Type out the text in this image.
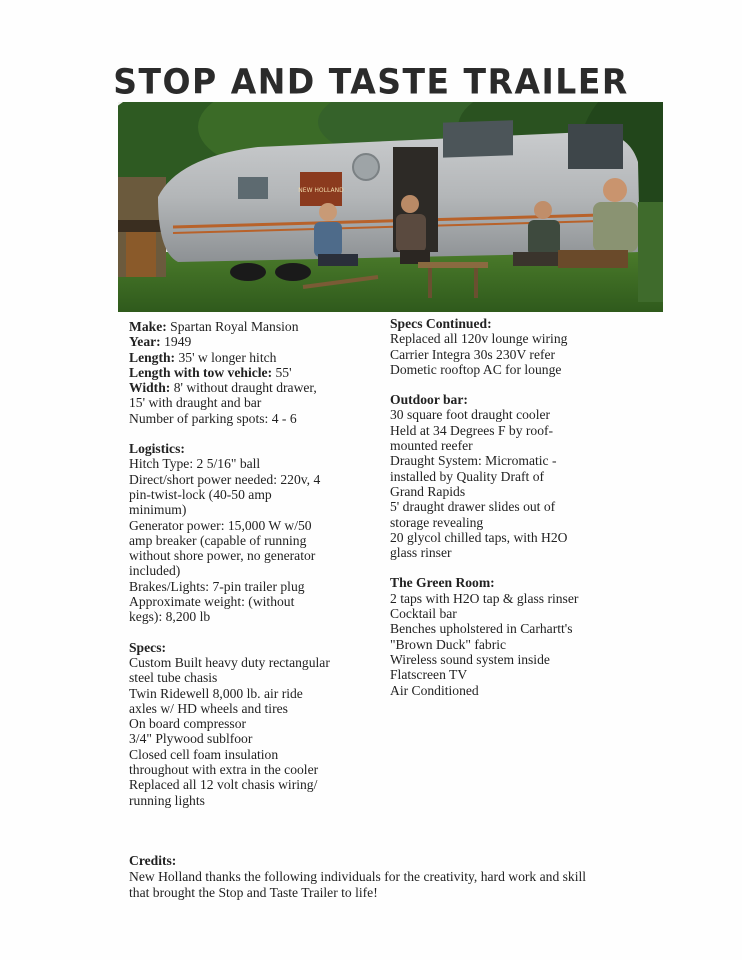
STOP AND TASTE TRAILER
NEW HOLLAND
Make: Spartan Royal Mansion
Year: 1949
Length: 35' w longer hitch
Length with tow vehicle: 55'
Width: 8' without draught drawer,
15' with draught and bar
Number of parking spots: 4 - 6
Logistics:
Hitch Type: 2 5/16" ball
Direct/short power needed: 220v, 4
pin-twist-lock (40-50 amp
minimum)
Generator power: 15,000 W w/50
amp breaker (capable of running
without shore power, no generator
included)
Brakes/Lights: 7-pin trailer plug
Approximate weight: (without
kegs): 8,200 lb
Specs:
Custom Built heavy duty rectangular
steel tube chasis
Twin Ridewell 8,000 lb. air ride
axles w/ HD wheels and tires
On board compressor
3/4" Plywood sublfoor
Closed cell foam insulation
throughout with extra in the cooler
Replaced all 12 volt chasis wiring/
running lights
Specs Continued:
Replaced all 120v lounge wiring
Carrier Integra 30s 230V refer
Dometic rooftop AC for lounge
Outdoor bar:
30 square foot draught cooler
Held at 34 Degrees F by roof-
mounted reefer
Draught System: Micromatic -
installed by Quality Draft of
Grand Rapids
5' draught drawer slides out of
storage revealing
20 glycol chilled taps, with H2O
glass rinser
The Green Room:
2 taps with H2O tap & glass rinser
Cocktail bar
Benches upholstered in Carhartt's
"Brown Duck" fabric
Wireless sound system inside
Flatscreen TV
Air Conditioned
Credits:
New Holland thanks the following individuals for the creativity, hard work and skill that brought the Stop and Taste Trailer to life!
